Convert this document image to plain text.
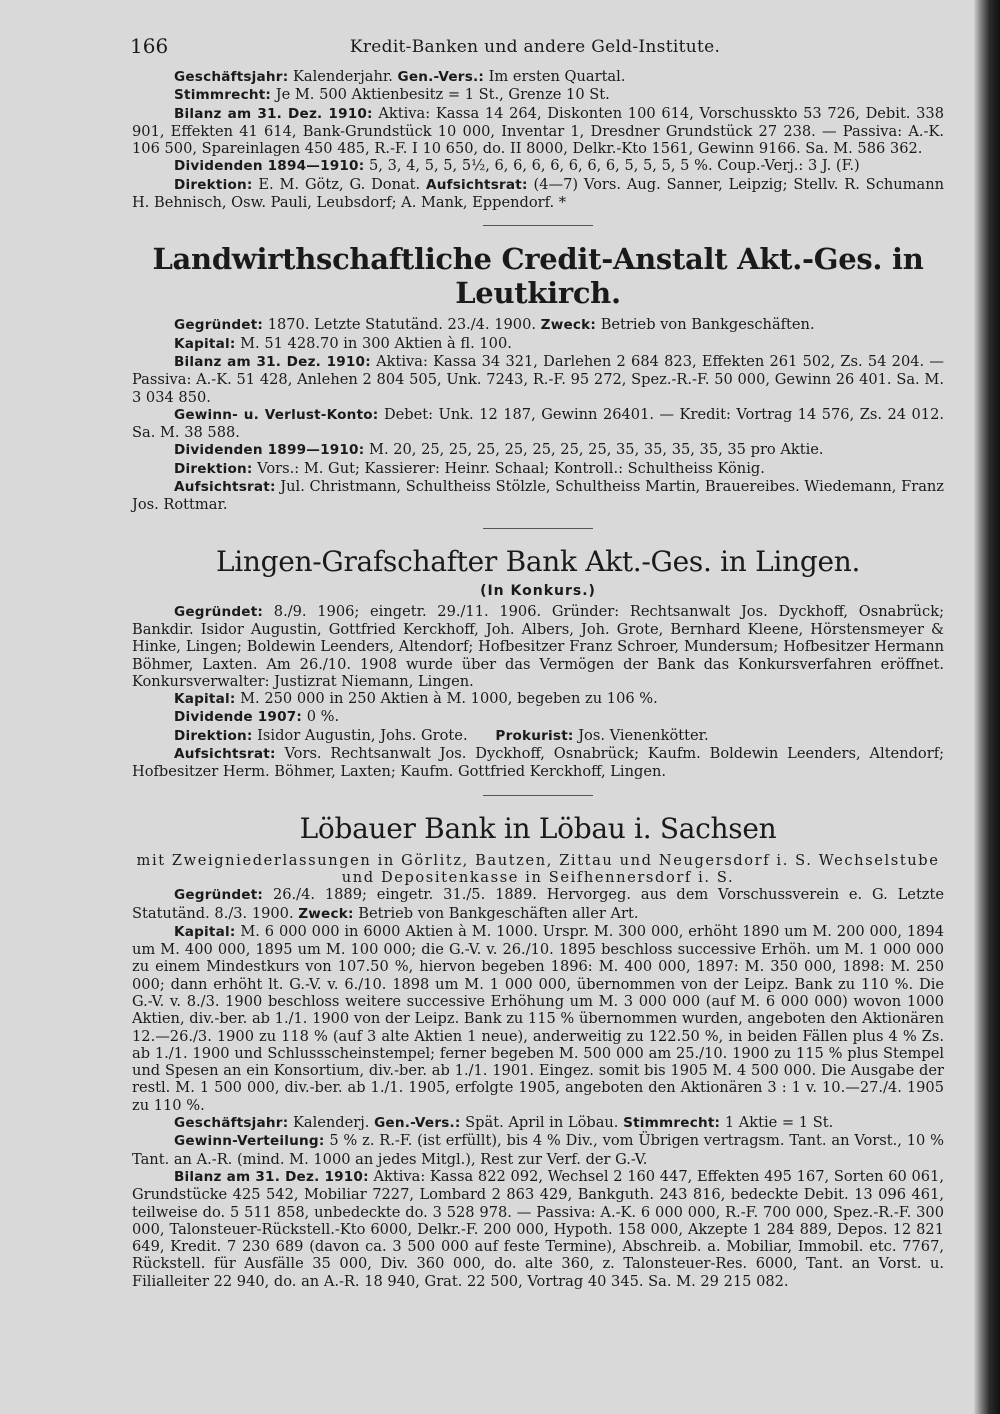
166	Kredit-Banken und andere Geld-Institute.

Geschäftsjahr: Kalenderjahr. Gen.-Vers.: Im ersten Quartal.

Stimmrecht: Je M. 500 Aktienbesitz = 1 St., Grenze 10 St.

Bilanz am 31. Dez. 1910: Aktiva: Kassa 14 264, Diskonten 100 614, Vorschusskto 53 726, Debit. 338 901, Effekten 41 614, Bank-Grundstück 10 000, Inventar 1, Dresdner Grundstück 27 238. — Passiva: A.-K. 106 500, Spareinlagen 450 485, R.-F. I 10 650, do. II 8000, Delkr.-Kto 1561, Gewinn 9166. Sa. M. 586 362.

Dividenden 1894—1910: 5, 3, 4, 5, 5, 5½, 6, 6, 6, 6, 6, 6, 6, 5, 5, 5, 5 %. Coup.-Verj.: 3 J. (F.)

Direktion: E. M. Götz, G. Donat. Aufsichtsrat: (4—7) Vors. Aug. Sanner, Leipzig; Stellv. R. Schumann H. Behnisch, Osw. Pauli, Leubsdorf; A. Mank, Eppendorf. *

Landwirthschaftliche Credit-Anstalt Akt.-Ges. in Leutkirch.

Gegründet: 1870. Letzte Statutänd. 23./4. 1900. Zweck: Betrieb von Bankgeschäften.

Kapital: M. 51 428.70 in 300 Aktien à fl. 100.

Bilanz am 31. Dez. 1910: Aktiva: Kassa 34 321, Darlehen 2 684 823, Effekten 261 502, Zs. 54 204. — Passiva: A.-K. 51 428, Anlehen 2 804 505, Unk. 7243, R.-F. 95 272, Spez.-R.-F. 50 000, Gewinn 26 401. Sa. M. 3 034 850.

Gewinn- u. Verlust-Konto: Debet: Unk. 12 187, Gewinn 26401. — Kredit: Vortrag 14 576, Zs. 24 012. Sa. M. 38 588.

Dividenden 1899—1910: M. 20, 25, 25, 25, 25, 25, 25, 25, 35, 35, 35, 35, 35 pro Aktie.

Direktion: Vors.: M. Gut; Kassierer: Heinr. Schaal; Kontroll.: Schultheiss König.

Aufsichtsrat: Jul. Christmann, Schultheiss Stölzle, Schultheiss Martin, Brauereibes. Wiedemann, Franz Jos. Rottmar.

Lingen-Grafschafter Bank Akt.-Ges. in Lingen.
(In Konkurs.)

Gegründet: 8./9. 1906; eingetr. 29./11. 1906. Gründer: Rechtsanwalt Jos. Dyckhoff, Osnabrück; Bankdir. Isidor Augustin, Gottfried Kerckhoff, Joh. Albers, Joh. Grote, Bernhard Kleene, Hörstensmeyer & Hinke, Lingen; Boldewin Leenders, Altendorf; Hofbesitzer Franz Schroer, Mundersum; Hofbesitzer Hermann Böhmer, Laxten. Am 26./10. 1908 wurde über das Vermögen der Bank das Konkursverfahren eröffnet. Konkursverwalter: Justizrat Niemann, Lingen.

Kapital: M. 250 000 in 250 Aktien à M. 1000, begeben zu 106 %.

Dividende 1907: 0 %.

Direktion: Isidor Augustin, Johs. Grote. Prokurist: Jos. Vienenkötter.

Aufsichtsrat: Vors. Rechtsanwalt Jos. Dyckhoff, Osnabrück; Kaufm. Boldewin Leenders, Altendorf; Hofbesitzer Herm. Böhmer, Laxten; Kaufm. Gottfried Kerckhoff, Lingen.

Löbauer Bank in Löbau i. Sachsen
mit Zweigniederlassungen in Görlitz, Bautzen, Zittau und Neugersdorf i. S. Wechselstube und Depositenkasse in Seifhennersdorf i. S.

Gegründet: 26./4. 1889; eingetr. 31./5. 1889. Hervorgeg. aus dem Vorschussverein e. G. Letzte Statutänd. 8./3. 1900. Zweck: Betrieb von Bankgeschäften aller Art.

Kapital: M. 6 000 000 in 6000 Aktien à M. 1000. Urspr. M. 300 000, erhöht 1890 um M. 200 000, 1894 um M. 400 000, 1895 um M. 100 000; die G.-V. v. 26./10. 1895 beschloss successive Erhöh. um M. 1 000 000 zu einem Mindestkurs von 107.50 %, hiervon begeben 1896: M. 400 000, 1897: M. 350 000, 1898: M. 250 000; dann erhöht lt. G.-V. v. 6./10. 1898 um M. 1 000 000, übernommen von der Leipz. Bank zu 110 %. Die G.-V. v. 8./3. 1900 beschloss weitere successive Erhöhung um M. 3 000 000 (auf M. 6 000 000) wovon 1000 Aktien, div.-ber. ab 1./1. 1900 von der Leipz. Bank zu 115 % übernommen wurden, angeboten den Aktionären 12.—26./3. 1900 zu 118 % (auf 3 alte Aktien 1 neue), anderweitig zu 122.50 %, in beiden Fällen plus 4 % Zs. ab 1./1. 1900 und Schlussscheinstempel; ferner begeben M. 500 000 am 25./10. 1900 zu 115 % plus Stempel und Spesen an ein Konsortium, div.-ber. ab 1./1. 1901. Eingez. somit bis 1905 M. 4 500 000. Die Ausgabe der restl. M. 1 500 000, div.-ber. ab 1./1. 1905, erfolgte 1905, angeboten den Aktionären 3 : 1 v. 10.—27./4. 1905 zu 110 %.

Geschäftsjahr: Kalenderj. Gen.-Vers.: Spät. April in Löbau. Stimmrecht: 1 Aktie = 1 St.

Gewinn-Verteilung: 5 % z. R.-F. (ist erfüllt), bis 4 % Div., vom Übrigen vertragsm. Tant. an Vorst., 10 % Tant. an A.-R. (mind. M. 1000 an jedes Mitgl.), Rest zur Verf. der G.-V.

Bilanz am 31. Dez. 1910: Aktiva: Kassa 822 092, Wechsel 2 160 447, Effekten 495 167, Sorten 60 061, Grundstücke 425 542, Mobiliar 7227, Lombard 2 863 429, Bankguth. 243 816, bedeckte Debit. 13 096 461, teilweise do. 5 511 858, unbedeckte do. 3 528 978. — Passiva: A.-K. 6 000 000, R.-F. 700 000, Spez.-R.-F. 300 000, Talonsteuer-Rückstell.-Kto 6000, Delkr.-F. 200 000, Hypoth. 158 000, Akzepte 1 284 889, Depos. 12 821 649, Kredit. 7 230 689 (davon ca. 3 500 000 auf feste Termine), Abschreib. a. Mobiliar, Immobil. etc. 7767, Rückstell. für Ausfälle 35 000, Div. 360 000, do. alte 360, z. Talonsteuer-Res. 6000, Tant. an Vorst. u. Filialleiter 22 940, do. an A.-R. 18 940, Grat. 22 500, Vortrag 40 345. Sa. M. 29 215 082.
